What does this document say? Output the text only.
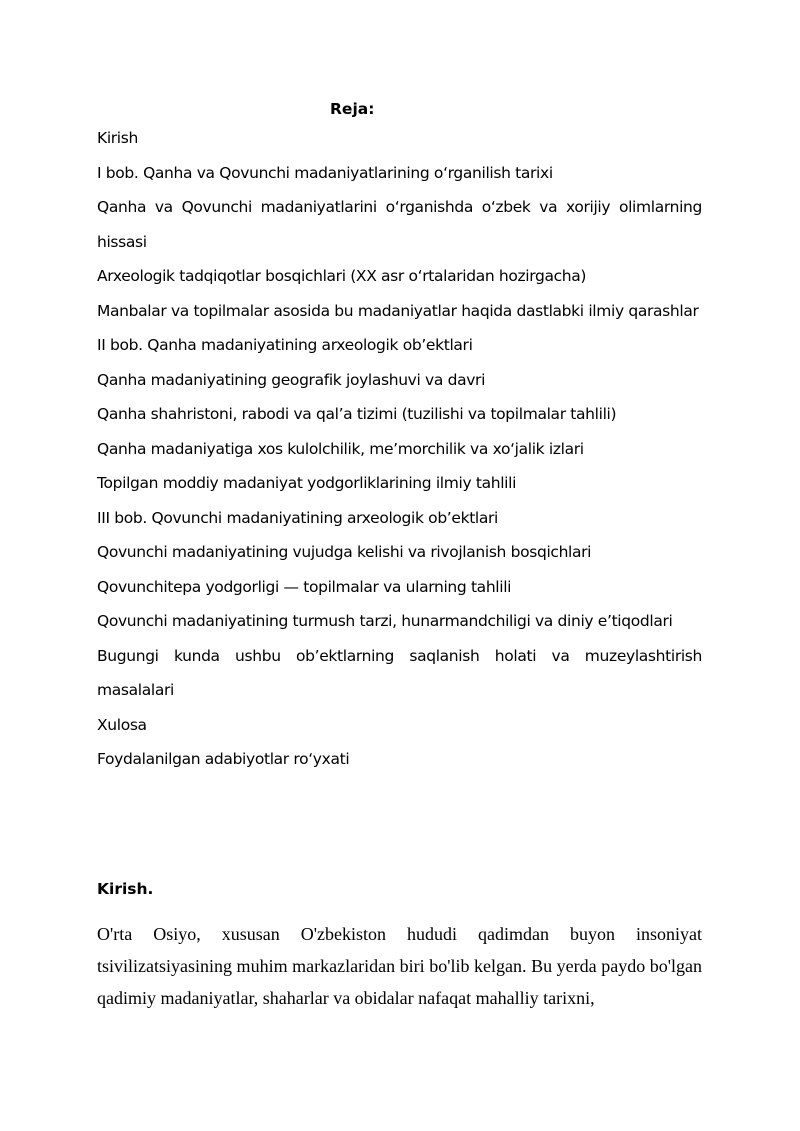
Reja:
Kirish
I bob. Qanha va Qovunchi madaniyatlarining o‘rganilish tarixi
Qanha va Qovunchi madaniyatlarini o‘rganishda o‘zbek va xorijiy olimlarning hissasi
Arxeologik tadqiqotlar bosqichlari (XX asr o‘rtalaridan hozirgacha)
Manbalar va topilmalar asosida bu madaniyatlar haqida dastlabki ilmiy qarashlar
II bob. Qanha madaniyatining arxeologik ob’ektlari
Qanha madaniyatining geografik joylashuvi va davri
Qanha shahristoni, rabodi va qal’a tizimi (tuzilishi va topilmalar tahlili)
Qanha madaniyatiga xos kulolchilik, me’morchilik va xo‘jalik izlari
Topilgan moddiy madaniyat yodgorliklarining ilmiy tahlili
III bob. Qovunchi madaniyatining arxeologik ob’ektlari
Qovunchi madaniyatining vujudga kelishi va rivojlanish bosqichlari
Qovunchitepa yodgorligi — topilmalar va ularning tahlili
Qovunchi madaniyatining turmush tarzi, hunarmandchiligi va diniy e’tiqodlari
Bugungi kunda ushbu ob’ektlarning saqlanish holati va muzeylashtirish masalalari
Xulosa
Foydalanilgan adabiyotlar ro‘yxati
Kirish.

O'rta Osiyo, xususan O'zbekiston hududi qadimdan buyon insoniyat tsivilizatsiyasining muhim markazlaridan biri bo'lib kelgan. Bu yerda paydo bo'lgan qadimiy madaniyatlar, shaharlar va obidalar nafaqat mahalliy tarixni,
